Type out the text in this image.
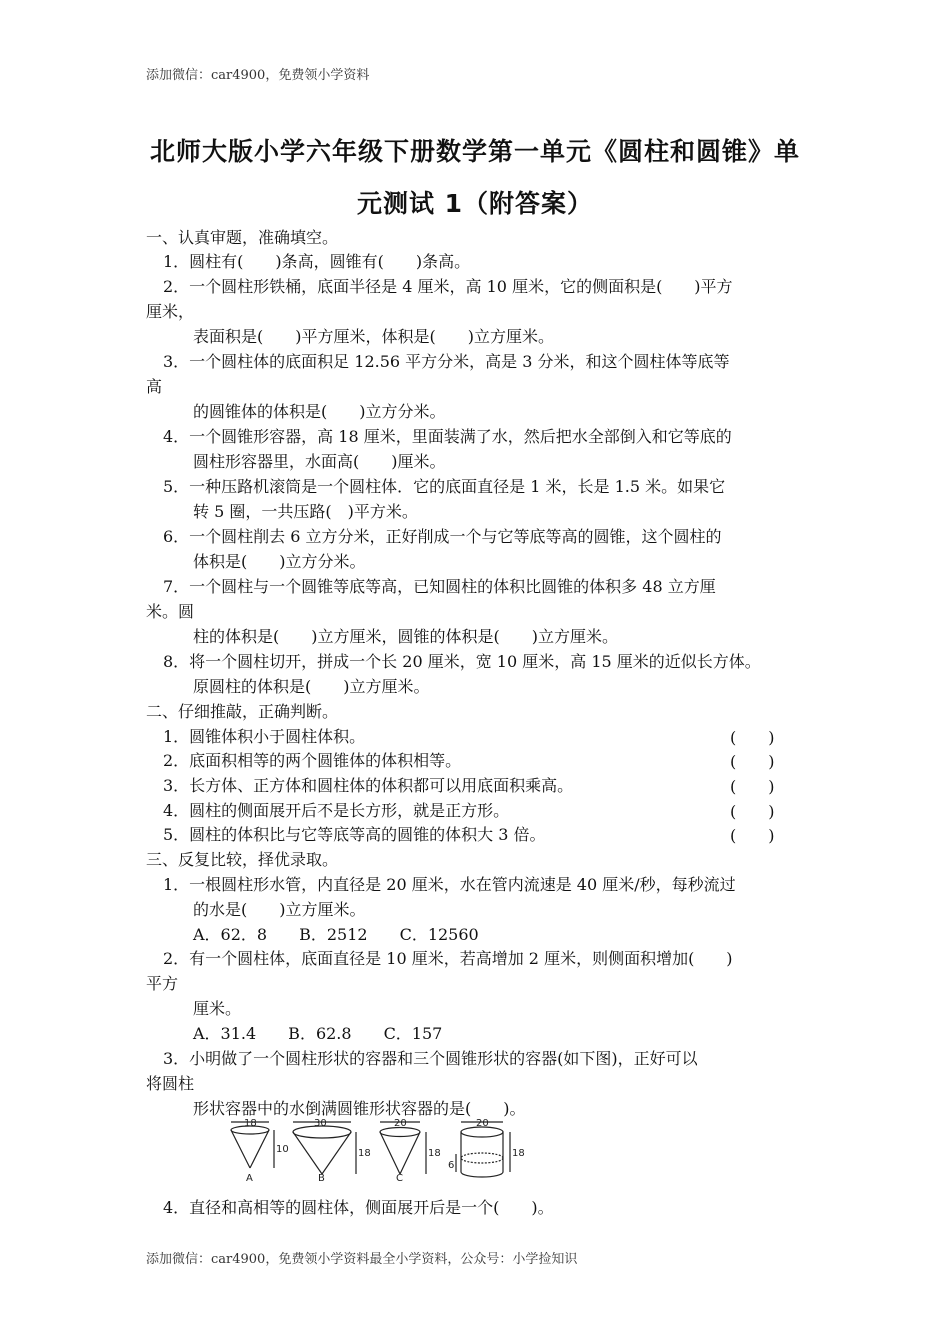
添加微信：car4900，免费领小学资料
北师大版小学六年级下册数学第一单元《圆柱和圆锥》单
元测试 1（附答案）
一、认真审题，准确填空。
1．圆柱有(　　)条高，圆锥有(　　)条高。
2．一个圆柱形铁桶，底面半径是 4 厘米，高 10 厘米，它的侧面积是(　　)平方
厘米，
表面积是(　　)平方厘米，体积是(　　)立方厘米。
3．一个圆柱体的底面积足 12.56 平方分米，高是 3 分米，和这个圆柱体等底等
高
的圆锥体的体积是(　　)立方分米。
4．一个圆锥形容器，高 18 厘米，里面装满了水，然后把水全部倒入和它等底的
圆柱形容器里，水面高(　　)厘米。
5．一种压路机滚筒是一个圆柱体．它的底面直径是 1 米，长是 1.5 米。如果它
转 5 圈，一共压路(　)平方米。
6．一个圆柱削去 6 立方分米，正好削成一个与它等底等高的圆锥，这个圆柱的
体积是(　　)立方分米。
7．一个圆柱与一个圆锥等底等高，已知圆柱的体积比圆锥的体积多 48 立方厘
米。圆
柱的体积是(　　)立方厘米，圆锥的体积是(　　)立方厘米。
8．将一个圆柱切开，拼成一个长 20 厘米，宽 10 厘米，高 15 厘米的近似长方体。
原圆柱的体积是(　　)立方厘米。
二、仔细推敲，正确判断。
1．圆锥体积小于圆柱体积。	(　　)
2．底面积相等的两个圆锥体的体积相等。	(　　)
3．长方体、正方体和圆柱体的体积都可以用底面积乘高。	(　　)
4．圆柱的侧面展开后不是长方形，就是正方形。	(　　)
5．圆柱的体积比与它等底等高的圆锥的体积大 3 倍。	(　　)
三、反复比较，择优录取。
1．一根圆柱形水管，内直径是 20 厘米，水在管内流速是 40 厘米/秒，每秒流过
的水是(　　)立方厘米。
A．62．8　　B．2512　　C．12560
2．有一个圆柱体，底面直径是 10 厘米，若高增加 2 厘米，则侧面积增加(　　)
平方
厘米。
A．31.4　　B．62.8　　C．157
3．小明做了一个圆柱形状的容器和三个圆锥形状的容器(如下图)，正好可以
将圆柱
形状容器中的水倒满圆锥形状容器的是(　　)。
18
10
30
18
20
18
20
6
18
A	B	C
4．直径和高相等的圆柱体，侧面展开后是一个(　　)。
添加微信：car4900，免费领小学资料最全小学资料，公众号：小学捡知识
